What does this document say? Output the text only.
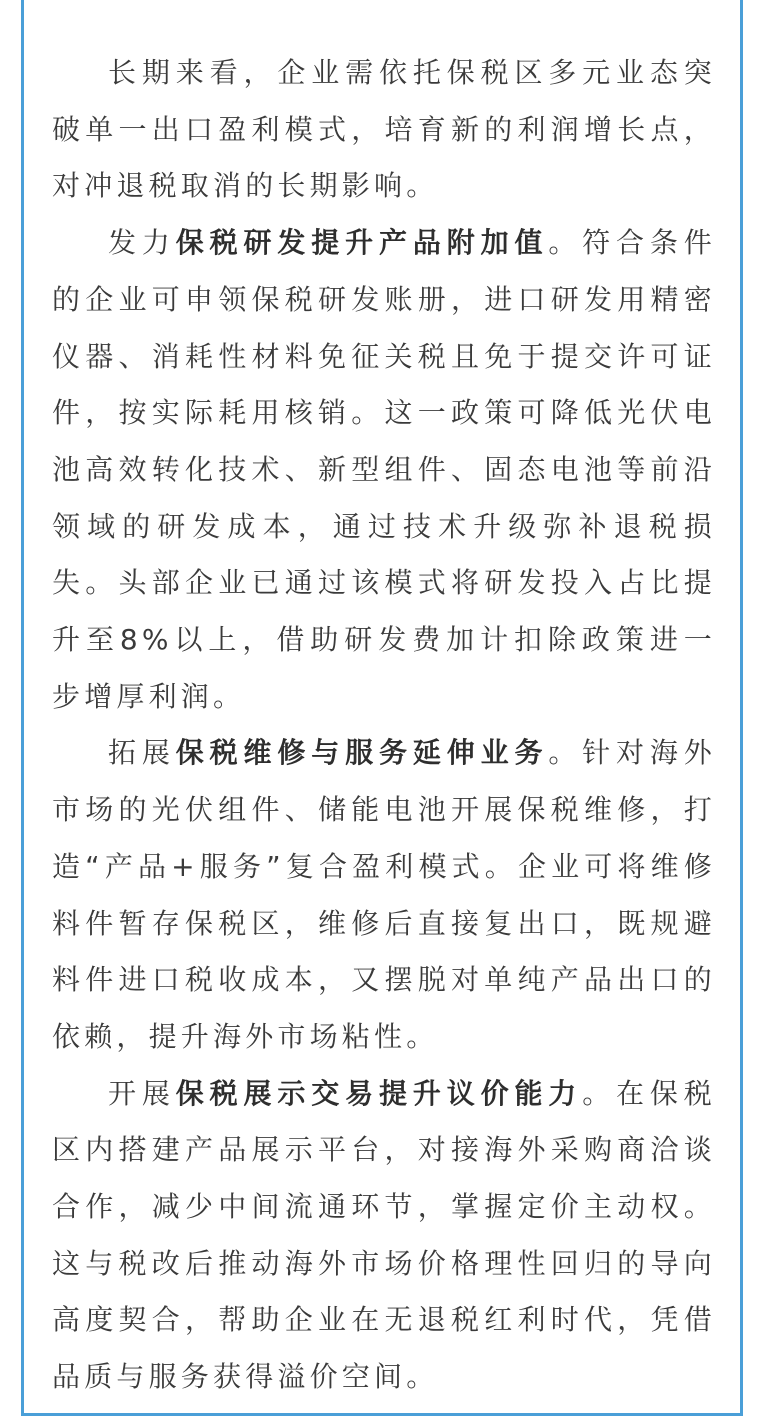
长期来看，企业需依托保税区多元业态突破单一出口盈利模式，培育新的利润增长点，对冲退税取消的长期影响。

发力保税研发提升产品附加值。符合条件的企业可申领保税研发账册，进口研发用精密仪器、消耗性材料免征关税且免于提交许可证件，按实际耗用核销。这一政策可降低光伏电池高效转化技术、新型组件、固态电池等前沿领域的研发成本，通过技术升级弥补退税损失。头部企业已通过该模式将研发投入占比提升至8%以上，借助研发费加计扣除政策进一步增厚利润。

拓展保税维修与服务延伸业务。针对海外市场的光伏组件、储能电池开展保税维修，打造“产品+服务”复合盈利模式。企业可将维修料件暂存保税区，维修后直接复出口，既规避料件进口税收成本，又摆脱对单纯产品出口的依赖，提升海外市场粘性。

开展保税展示交易提升议价能力。在保税区内搭建产品展示平台，对接海外采购商洽谈合作，减少中间流通环节，掌握定价主动权。这与税改后推动海外市场价格理性回归的导向高度契合，帮助企业在无退税红利时代，凭借品质与服务获得溢价空间。
